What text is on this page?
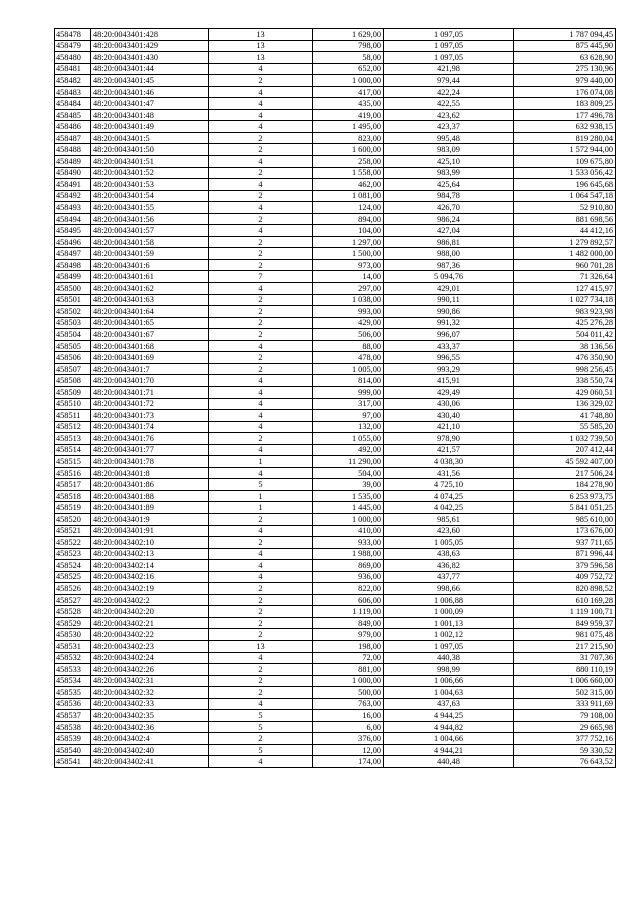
458478	48:20:0043401:428	13	1 629,00	1 097,05	1 787 094,45
458479	48:20:0043401:429	13	798,00	1 097,05	875 445,90
458480	48:20:0043401:430	13	58,00	1 097,05	63 628,90
458481	48:20:0043401:44	4	652,00	421,98	275 130,96
458482	48:20:0043401:45	2	1 000,00	979,44	979 440,00
458483	48:20:0043401:46	4	417,00	422,24	176 074,08
458484	48:20:0043401:47	4	435,00	422,55	183 809,25
458485	48:20:0043401:48	4	419,00	423,62	177 496,78
458486	48:20:0043401:49	4	1 495,00	423,37	632 938,15
458487	48:20:0043401:5	2	823,00	995,48	819 280,04
458488	48:20:0043401:50	2	1 600,00	983,09	1 572 944,00
458489	48:20:0043401:51	4	258,00	425,10	109 675,80
458490	48:20:0043401:52	2	1 558,00	983,99	1 533 056,42
458491	48:20:0043401:53	4	462,00	425,64	196 645,68
458492	48:20:0043401:54	2	1 081,00	984,78	1 064 547,18
458493	48:20:0043401:55	4	124,00	426,70	52 910,80
458494	48:20:0043401:56	2	894,00	986,24	881 698,56
458495	48:20:0043401:57	4	104,00	427,04	44 412,16
458496	48:20:0043401:58	2	1 297,00	986,81	1 279 892,57
458497	48:20:0043401:59	2	1 500,00	988,00	1 482 000,00
458498	48:20:0043401:6	2	973,00	987,36	960 701,28
458499	48:20:0043401:61	7	14,00	5 094,76	71 326,64
458500	48:20:0043401:62	4	297,00	429,01	127 415,97
458501	48:20:0043401:63	2	1 038,00	990,11	1 027 734,18
458502	48:20:0043401:64	2	993,00	990,86	983 923,98
458503	48:20:0043401:65	2	429,00	991,32	425 276,28
458504	48:20:0043401:67	2	506,00	996,07	504 011,42
458505	48:20:0043401:68	4	88,00	433,37	38 136,56
458506	48:20:0043401:69	2	478,00	996,55	476 350,90
458507	48:20:0043401:7	2	1 005,00	993,29	998 256,45
458508	48:20:0043401:70	4	814,00	415,91	338 550,74
458509	48:20:0043401:71	4	999,00	429,49	429 060,51
458510	48:20:0043401:72	4	317,00	430,06	136 329,02
458511	48:20:0043401:73	4	97,00	430,40	41 748,80
458512	48:20:0043401:74	4	132,00	421,10	55 585,20
458513	48:20:0043401:76	2	1 055,00	978,90	1 032 739,50
458514	48:20:0043401:77	4	492,00	421,57	207 412,44
458515	48:20:0043401:78	1	11 290,00	4 038,30	45 592 407,00
458516	48:20:0043401:8	4	504,00	431,56	217 506,24
458517	48:20:0043401:86	5	39,00	4 725,10	184 278,90
458518	48:20:0043401:88	1	1 535,00	4 074,25	6 253 973,75
458519	48:20:0043401:89	1	1 445,00	4 042,25	5 841 051,25
458520	48:20:0043401:9	2	1 000,00	985,61	985 610,00
458521	48:20:0043401:91	4	410,00	423,60	173 676,00
458522	48:20:0043402:10	2	933,00	1 005,05	937 711,65
458523	48:20:0043402:13	4	1 988,00	438,63	871 996,44
458524	48:20:0043402:14	4	869,00	436,82	379 596,58
458525	48:20:0043402:16	4	936,00	437,77	409 752,72
458526	48:20:0043402:19	2	822,00	998,66	820 898,52
458527	48:20:0043402:2	2	606,00	1 006,88	610 169,28
458528	48:20:0043402:20	2	1 119,00	1 000,09	1 119 100,71
458529	48:20:0043402:21	2	849,00	1 001,13	849 959,37
458530	48:20:0043402:22	2	979,00	1 002,12	981 075,48
458531	48:20:0043402:23	13	198,00	1 097,05	217 215,90
458532	48:20:0043402:24	4	72,00	440,38	31 707,36
458533	48:20:0043402:26	2	881,00	998,99	880 110,19
458534	48:20:0043402:31	2	1 000,00	1 006,66	1 006 660,00
458535	48:20:0043402:32	2	500,00	1 004,63	502 315,00
458536	48:20:0043402:33	4	763,00	437,63	333 911,69
458537	48:20:0043402:35	5	16,00	4 944,25	79 108,00
458538	48:20:0043402:36	5	6,00	4 944,82	29 665,98
458539	48:20:0043402:4	2	376,00	1 004,66	377 752,16
458540	48:20:0043402:40	5	12,00	4 944,21	59 330,52
458541	48:20:0043402:41	4	174,00	440,48	76 643,52
